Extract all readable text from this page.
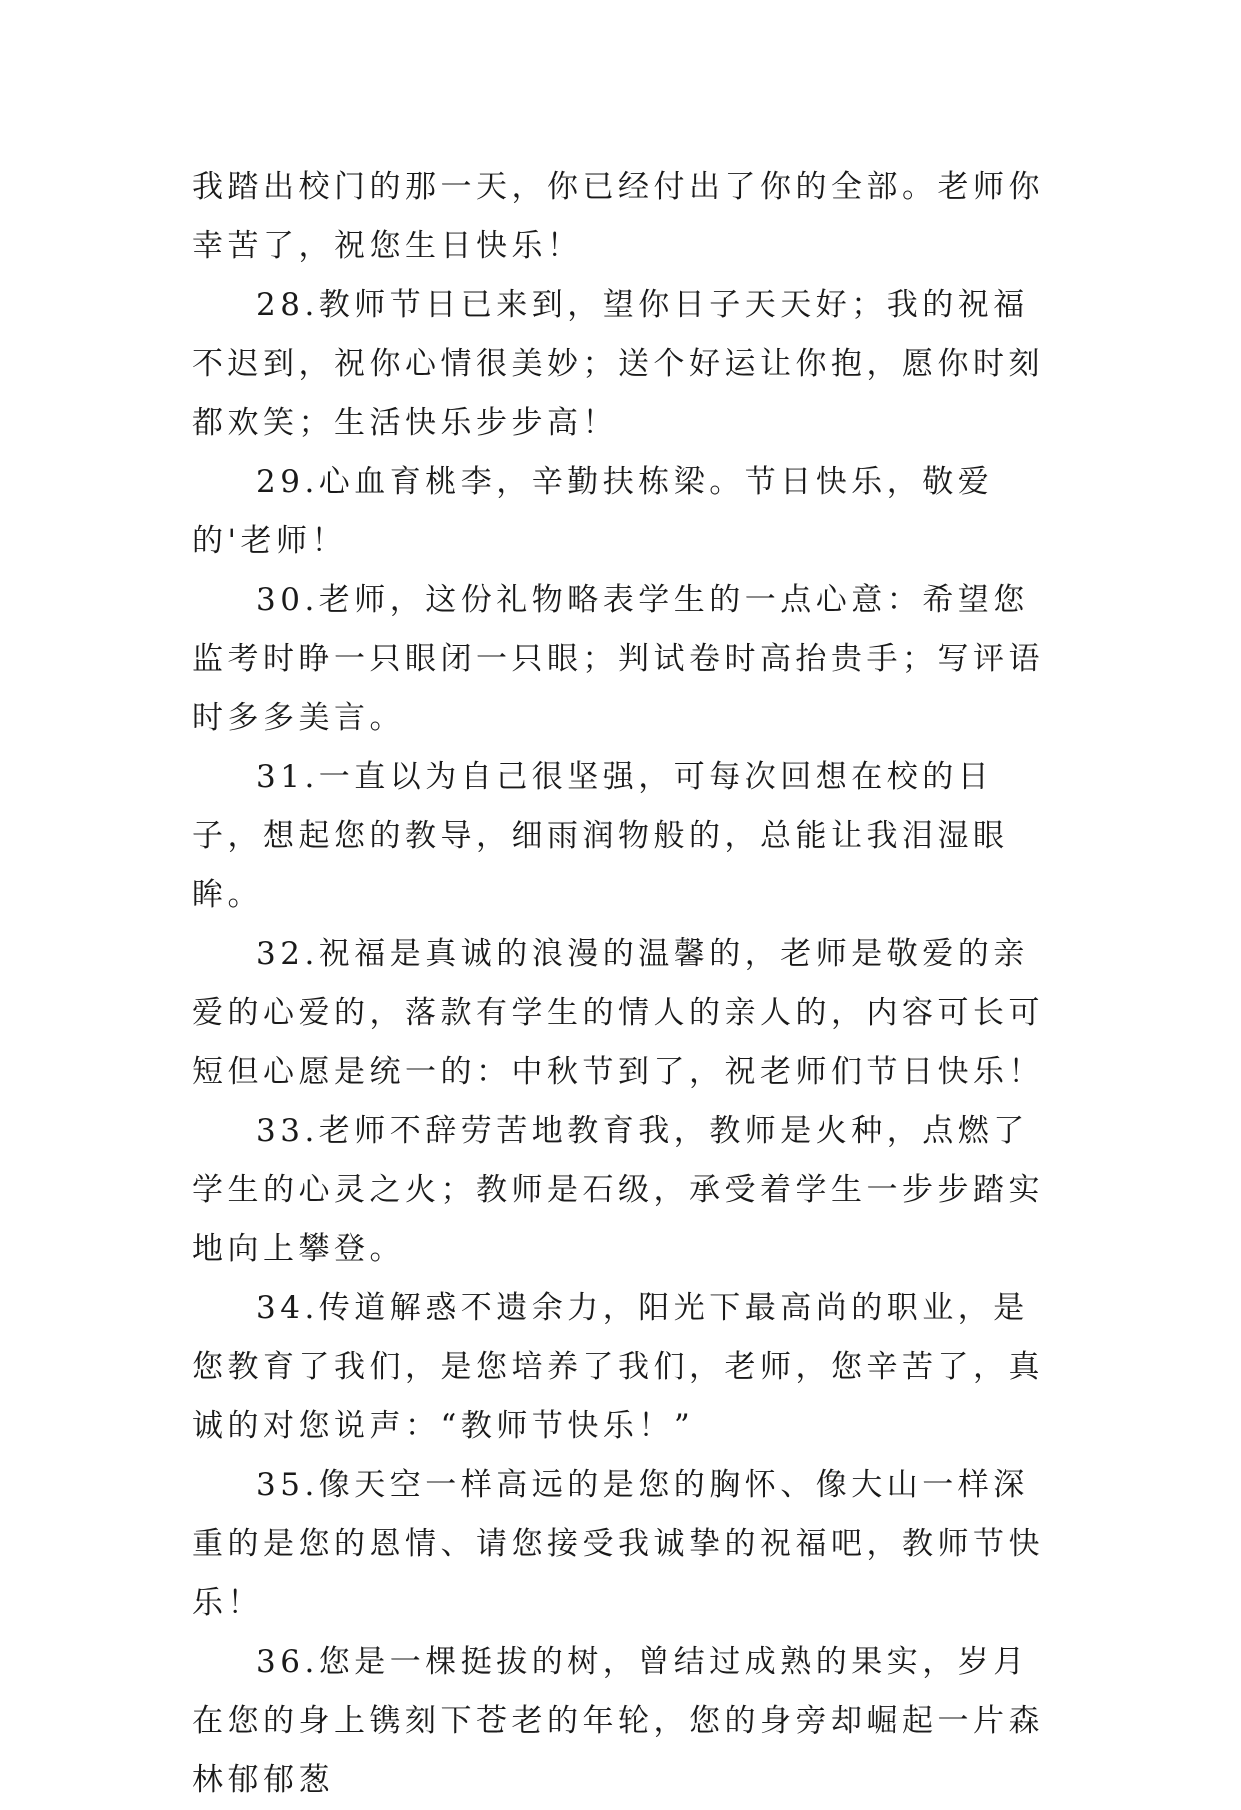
我踏出校门的那一天，你已经付出了你的全部。老师你幸苦了，祝您生日快乐！

28.教师节日已来到，望你日子天天好；我的祝福不迟到，祝你心情很美妙；送个好运让你抱，愿你时刻都欢笑；生活快乐步步高！

29.心血育桃李，辛勤扶栋梁。节日快乐，敬爱的'老师！

30.老师，这份礼物略表学生的一点心意：希望您监考时睁一只眼闭一只眼；判试卷时高抬贵手；写评语时多多美言。

31.一直以为自己很坚强，可每次回想在校的日子，想起您的教导，细雨润物般的，总能让我泪湿眼眸。

32.祝福是真诚的浪漫的温馨的，老师是敬爱的亲爱的心爱的，落款有学生的情人的亲人的，内容可长可短但心愿是统一的：中秋节到了，祝老师们节日快乐！

33.老师不辞劳苦地教育我，教师是火种，点燃了学生的心灵之火；教师是石级，承受着学生一步步踏实地向上攀登。

34.传道解惑不遗余力，阳光下最高尚的职业，是您教育了我们，是您培养了我们，老师，您辛苦了，真诚的对您说声：“教师节快乐！”

35.像天空一样高远的是您的胸怀、像大山一样深重的是您的恩情、请您接受我诚挚的祝福吧，教师节快乐！

36.您是一棵挺拔的树，曾结过成熟的果实，岁月在您的身上镌刻下苍老的年轮，您的身旁却崛起一片森林郁郁葱
